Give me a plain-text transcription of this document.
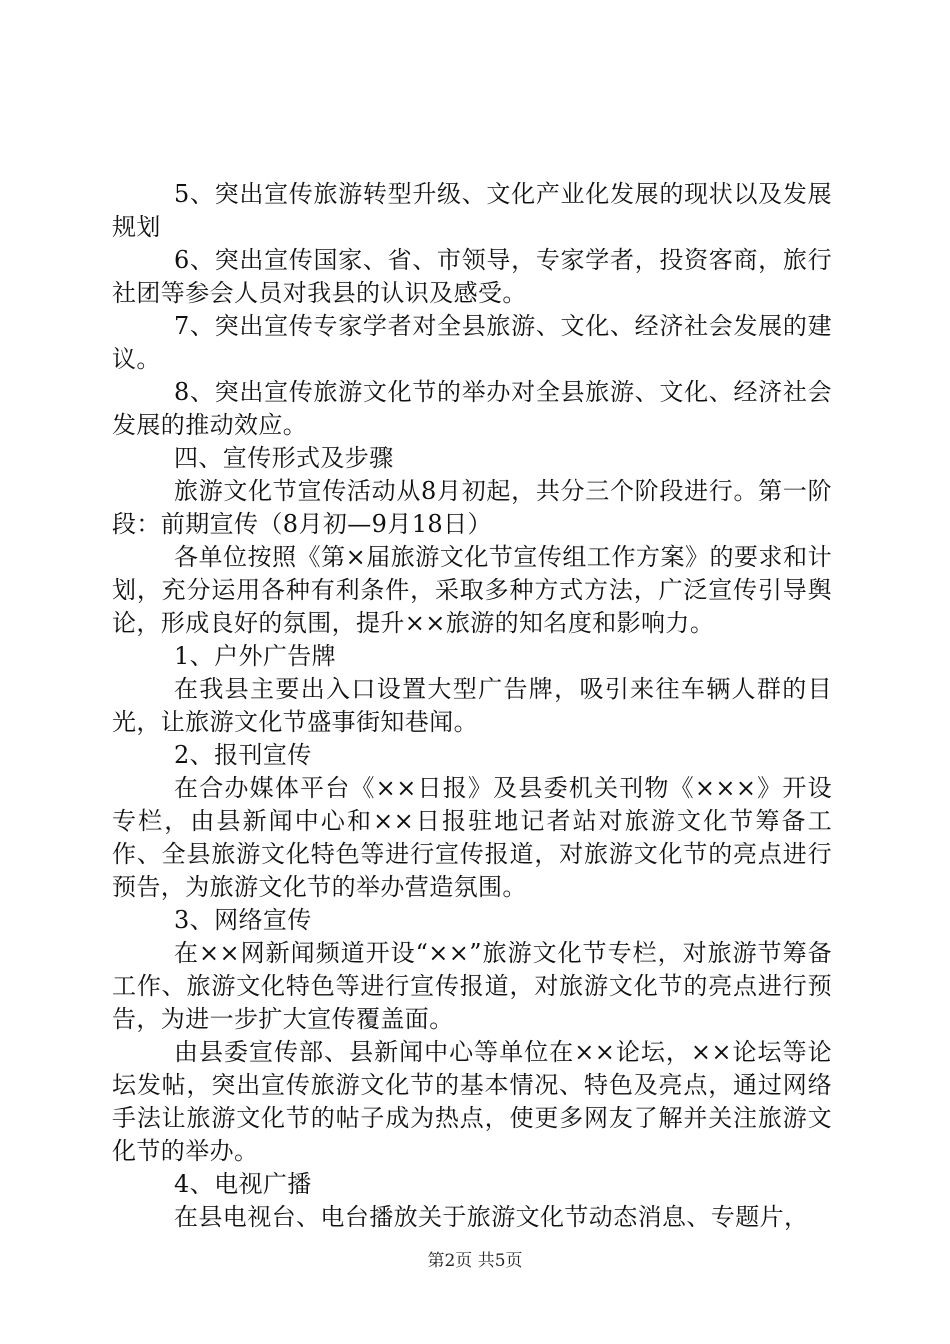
5、突出宣传旅游转型升级、文化产业化发展的现状以及发展规划

6、突出宣传国家、省、市领导，专家学者，投资客商，旅行社团等参会人员对我县的认识及感受。

7、突出宣传专家学者对全县旅游、文化、经济社会发展的建议。

8、突出宣传旅游文化节的举办对全县旅游、文化、经济社会发展的推动效应。

四、宣传形式及步骤

旅游文化节宣传活动从8月初起，共分三个阶段进行。第一阶段：前期宣传（8月初—9月18日）

各单位按照《第×届旅游文化节宣传组工作方案》的要求和计划，充分运用各种有利条件，采取多种方式方法，广泛宣传引导舆论，形成良好的氛围，提升××旅游的知名度和影响力。

1、户外广告牌

在我县主要出入口设置大型广告牌，吸引来往车辆人群的目光，让旅游文化节盛事街知巷闻。

2、报刊宣传

在合办媒体平台《××日报》及县委机关刊物《×××》开设专栏，由县新闻中心和××日报驻地记者站对旅游文化节筹备工作、全县旅游文化特色等进行宣传报道，对旅游文化节的亮点进行预告，为旅游文化节的举办营造氛围。

3、网络宣传

在××网新闻频道开设“××”旅游文化节专栏，对旅游节筹备工作、旅游文化特色等进行宣传报道，对旅游文化节的亮点进行预告，为进一步扩大宣传覆盖面。

由县委宣传部、县新闻中心等单位在××论坛，××论坛等论坛发帖，突出宣传旅游文化节的基本情况、特色及亮点，通过网络手法让旅游文化节的帖子成为热点，使更多网友了解并关注旅游文化节的举办。

4、电视广播

在县电视台、电台播放关于旅游文化节动态消息、专题片，

第2页 共5页
